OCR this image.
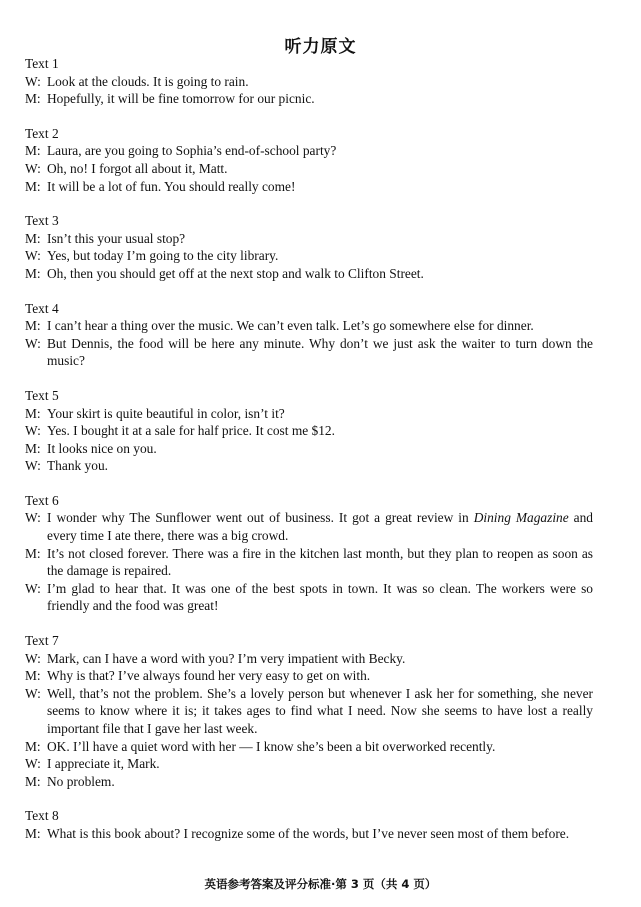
听力原文
Text 1
W: Look at the clouds. It is going to rain.
M: Hopefully, it will be fine tomorrow for our picnic.
Text 2
M: Laura, are you going to Sophia’s end-of-school party?
W: Oh, no! I forgot all about it, Matt.
M: It will be a lot of fun. You should really come!
Text 3
M: Isn’t this your usual stop?
W: Yes, but today I’m going to the city library.
M: Oh, then you should get off at the next stop and walk to Clifton Street.
Text 4
M: I can’t hear a thing over the music. We can’t even talk. Let’s go somewhere else for dinner.
W: But Dennis, the food will be here any minute. Why don’t we just ask the waiter to turn down the music?
Text 5
M: Your skirt is quite beautiful in color, isn’t it?
W: Yes. I bought it at a sale for half price. It cost me $12.
M: It looks nice on you.
W: Thank you.
Text 6
W: I wonder why The Sunflower went out of business. It got a great review in Dining Magazine and every time I ate there, there was a big crowd.
M: It’s not closed forever. There was a fire in the kitchen last month, but they plan to reopen as soon as the damage is repaired.
W: I’m glad to hear that. It was one of the best spots in town. It was so clean. The workers were so friendly and the food was great!
Text 7
W: Mark, can I have a word with you? I’m very impatient with Becky.
M: Why is that? I’ve always found her very easy to get on with.
W: Well, that’s not the problem. She’s a lovely person but whenever I ask her for something, she never seems to know where it is; it takes ages to find what I need. Now she seems to have lost a really important file that I gave her last week.
M: OK. I’ll have a quiet word with her — I know she’s been a bit overworked recently.
W: I appreciate it, Mark.
M: No problem.
Text 8
M: What is this book about? I recognize some of the words, but I’ve never seen most of them before.
英语参考答案及评分标准·第 3 页（共 4 页）
